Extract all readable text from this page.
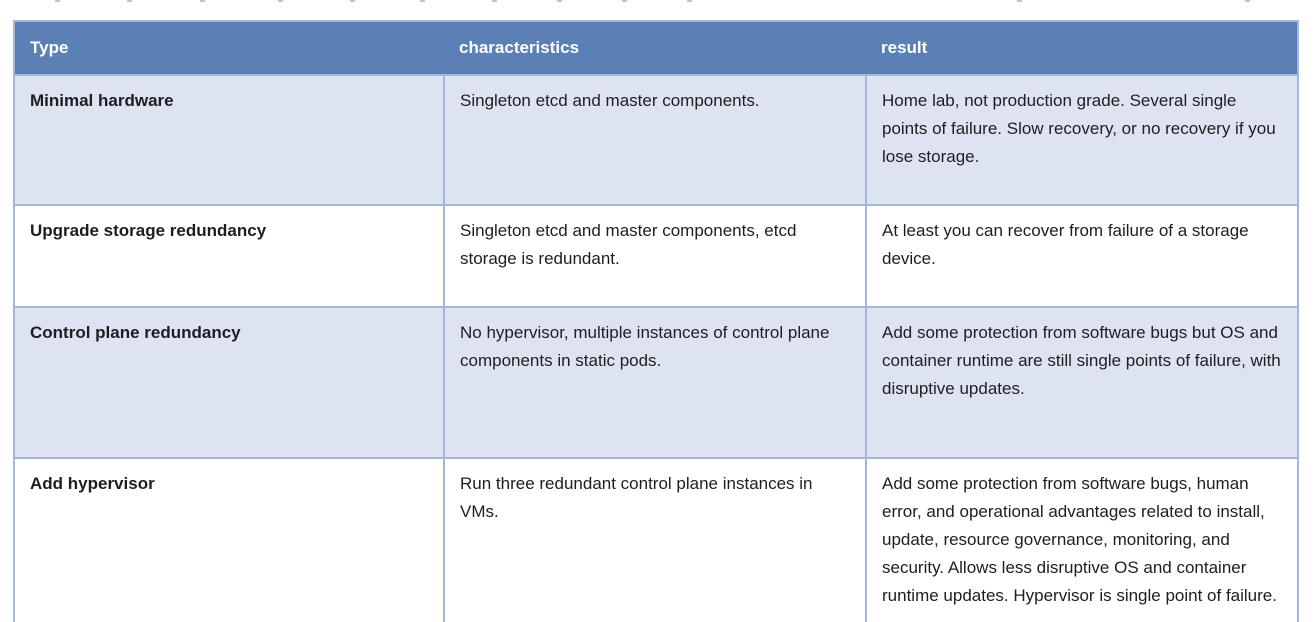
Type	characteristics	result
Minimal hardware	Singleton etcd and master components.	Home lab, not production grade. Several single points of failure. Slow recovery, or no recovery if you lose storage.
Upgrade storage redundancy	Singleton etcd and master components, etcd storage is redundant.	At least you can recover from failure of a storage device.
Control plane redundancy	No hypervisor, multiple instances of control plane components in static pods.	Add some protection from software bugs but OS and container runtime are still single points of failure, with disruptive updates.
Add hypervisor	Run three redundant control plane instances in VMs.	Add some protection from software bugs, human error, and operational advantages related to install, update, resource governance, monitoring, and security. Allows less disruptive OS and container runtime updates. Hypervisor is single point of failure.
